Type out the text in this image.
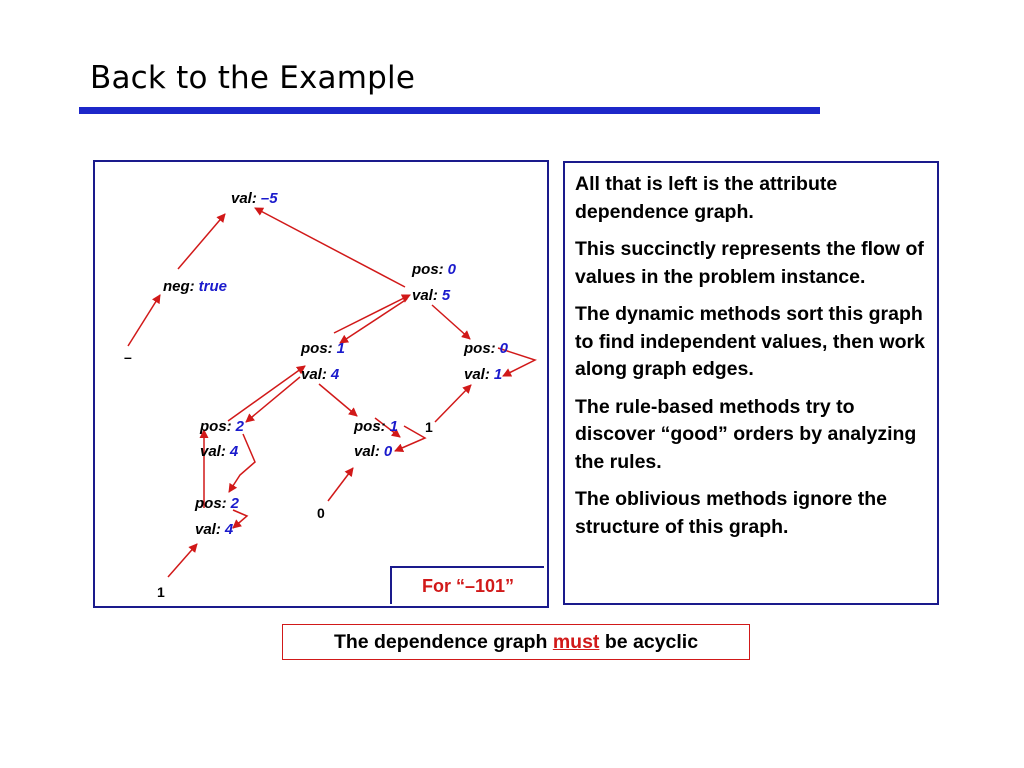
Back to the Example
val: –5
neg: true
pos: 0
val: 5
pos: 1
val: 4
pos: 0
val: 1
pos: 2
val: 4
pos: 1
val: 0
pos: 2
val: 4
–
1
0
1	For “–101”

All that is left is the attribute dependence graph.

This succinctly represents the flow of values in the problem instance.

The dynamic methods sort this graph to find independent values, then work along graph edges.

The rule-based methods try to discover “good” orders by analyzing the rules.

The oblivious methods ignore the structure of this graph.

The dependence graph must be acyclic
